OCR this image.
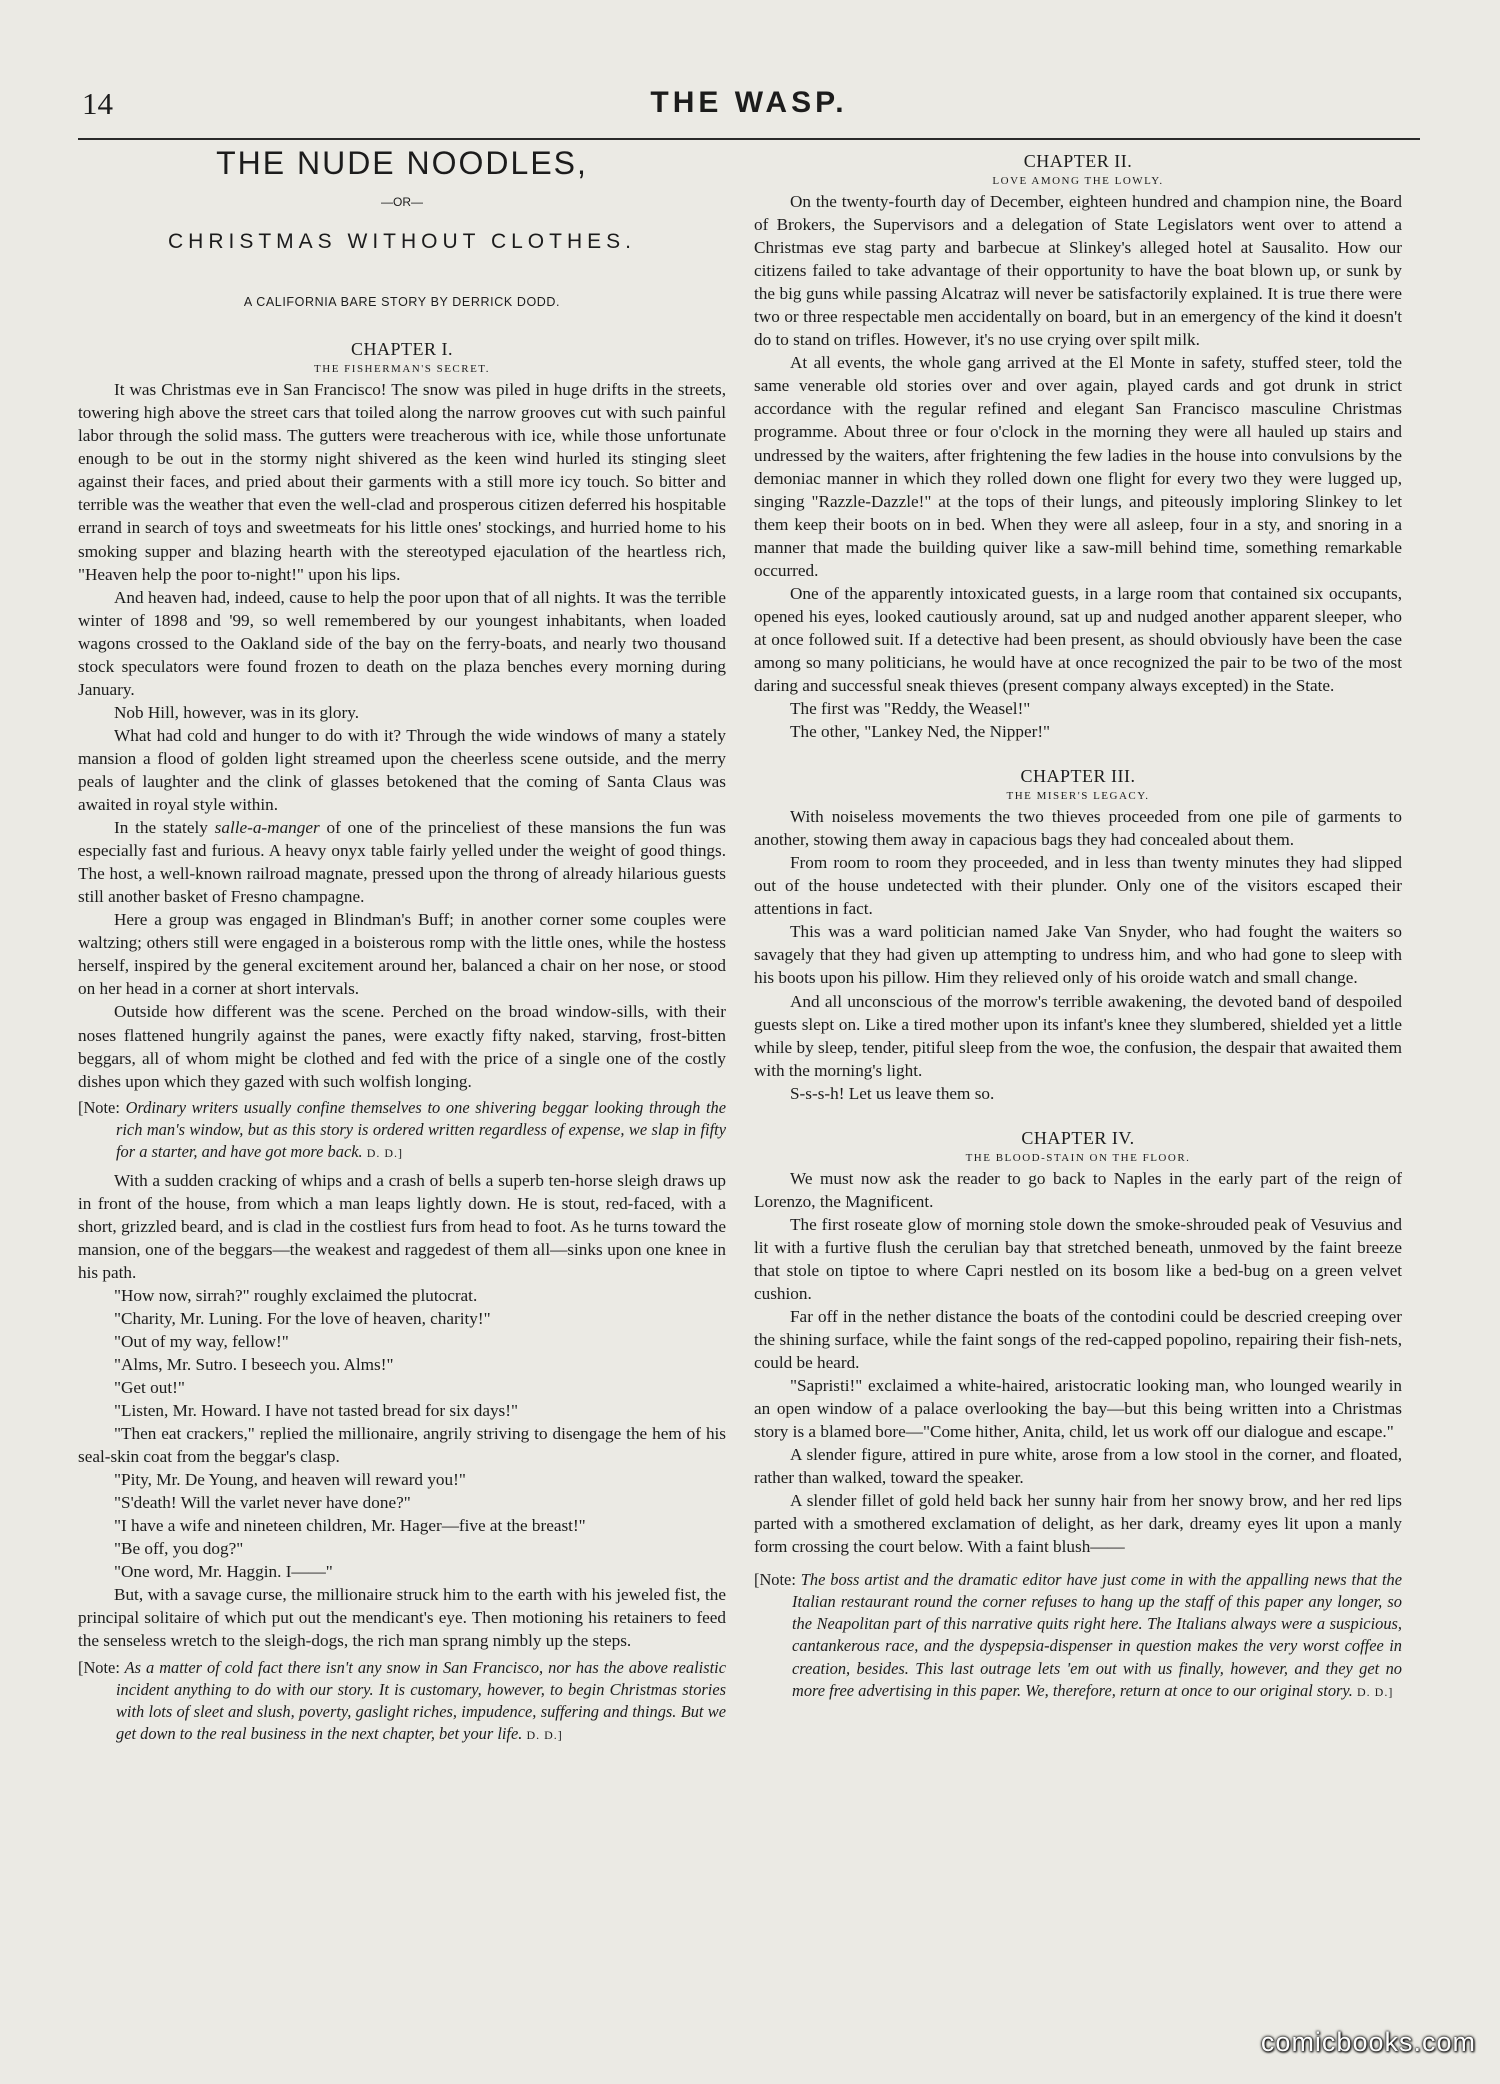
14	THE WASP.
THE NUDE NOODLES,
—OR—
CHRISTMAS WITHOUT CLOTHES.
A CALIFORNIA BARE STORY BY DERRICK DODD.
CHAPTER I.
THE FISHERMAN'S SECRET.

It was Christmas eve in San Francisco! The snow was piled in huge drifts in the streets, towering high above the street cars that toiled along the narrow grooves cut with such painful labor through the solid mass. The gutters were treacherous with ice, while those unfortunate enough to be out in the stormy night shivered as the keen wind hurled its stinging sleet against their faces, and pried about their garments with a still more icy touch. So bitter and terrible was the weather that even the well-clad and prosperous citizen deferred his hospitable errand in search of toys and sweetmeats for his little ones' stockings, and hurried home to his smoking supper and blazing hearth with the stereotyped ejaculation of the heartless rich, "Heaven help the poor to-night!" upon his lips.

And heaven had, indeed, cause to help the poor upon that of all nights. It was the terrible winter of 1898 and '99, so well remembered by our youngest inhabitants, when loaded wagons crossed to the Oakland side of the bay on the ferry-boats, and nearly two thousand stock speculators were found frozen to death on the plaza benches every morning during January.

Nob Hill, however, was in its glory.

What had cold and hunger to do with it? Through the wide windows of many a stately mansion a flood of golden light streamed upon the cheerless scene outside, and the merry peals of laughter and the clink of glasses betokened that the coming of Santa Claus was awaited in royal style within.

In the stately salle-a-manger of one of the princeliest of these mansions the fun was especially fast and furious. A heavy onyx table fairly yelled under the weight of good things. The host, a well-known railroad magnate, pressed upon the throng of already hilarious guests still another basket of Fresno champagne.

Here a group was engaged in Blindman's Buff; in another corner some couples were waltzing; others still were engaged in a boisterous romp with the little ones, while the hostess herself, inspired by the general excitement around her, balanced a chair on her nose, or stood on her head in a corner at short intervals.

Outside how different was the scene. Perched on the broad window-sills, with their noses flattened hungrily against the panes, were exactly fifty naked, starving, frost-bitten beggars, all of whom might be clothed and fed with the price of a single one of the costly dishes upon which they gazed with such wolfish longing.

[Note: Ordinary writers usually confine themselves to one shivering beggar looking through the rich man's window, but as this story is ordered written regardless of expense, we slap in fifty for a starter, and have got more back. D. D.]

With a sudden cracking of whips and a crash of bells a superb ten-horse sleigh draws up in front of the house, from which a man leaps lightly down. He is stout, red-faced, with a short, grizzled beard, and is clad in the costliest furs from head to foot. As he turns toward the mansion, one of the beggars—the weakest and raggedest of them all—sinks upon one knee in his path.

"How now, sirrah?" roughly exclaimed the plutocrat.

"Charity, Mr. Luning. For the love of heaven, charity!"

"Out of my way, fellow!"

"Alms, Mr. Sutro. I beseech you. Alms!"

"Get out!"

"Listen, Mr. Howard. I have not tasted bread for six days!"

"Then eat crackers," replied the millionaire, angrily striving to disengage the hem of his seal-skin coat from the beggar's clasp.

"Pity, Mr. De Young, and heaven will reward you!"

"S'death! Will the varlet never have done?"

"I have a wife and nineteen children, Mr. Hager—five at the breast!"

"Be off, you dog?"

"One word, Mr. Haggin. I——"

But, with a savage curse, the millionaire struck him to the earth with his jeweled fist, the principal solitaire of which put out the mendicant's eye. Then motioning his retainers to feed the senseless wretch to the sleigh-dogs, the rich man sprang nimbly up the steps.

[Note: As a matter of cold fact there isn't any snow in San Francisco, nor has the above realistic incident anything to do with our story. It is customary, however, to begin Christmas stories with lots of sleet and slush, poverty, gaslight riches, impudence, suffering and things. But we get down to the real business in the next chapter, bet your life. D. D.]
CHAPTER II.
LOVE AMONG THE LOWLY.

On the twenty-fourth day of December, eighteen hundred and champion nine, the Board of Brokers, the Supervisors and a delegation of State Legislators went over to attend a Christmas eve stag party and barbecue at Slinkey's alleged hotel at Sausalito. How our citizens failed to take advantage of their opportunity to have the boat blown up, or sunk by the big guns while passing Alcatraz will never be satisfactorily explained. It is true there were two or three respectable men accidentally on board, but in an emergency of the kind it doesn't do to stand on trifles. However, it's no use crying over spilt milk.

At all events, the whole gang arrived at the El Monte in safety, stuffed steer, told the same venerable old stories over and over again, played cards and got drunk in strict accordance with the regular refined and elegant San Francisco masculine Christmas programme. About three or four o'clock in the morning they were all hauled up stairs and undressed by the waiters, after frightening the few ladies in the house into convulsions by the demoniac manner in which they rolled down one flight for every two they were lugged up, singing "Razzle-Dazzle!" at the tops of their lungs, and piteously imploring Slinkey to let them keep their boots on in bed. When they were all asleep, four in a sty, and snoring in a manner that made the building quiver like a saw-mill behind time, something remarkable occurred.

One of the apparently intoxicated guests, in a large room that contained six occupants, opened his eyes, looked cautiously around, sat up and nudged another apparent sleeper, who at once followed suit. If a detective had been present, as should obviously have been the case among so many politicians, he would have at once recognized the pair to be two of the most daring and successful sneak thieves (present company always excepted) in the State.

The first was "Reddy, the Weasel!"

The other, "Lankey Ned, the Nipper!"

CHAPTER III.
THE MISER'S LEGACY.

With noiseless movements the two thieves proceeded from one pile of garments to another, stowing them away in capacious bags they had concealed about them.

From room to room they proceeded, and in less than twenty minutes they had slipped out of the house undetected with their plunder. Only one of the visitors escaped their attentions in fact.

This was a ward politician named Jake Van Snyder, who had fought the waiters so savagely that they had given up attempting to undress him, and who had gone to sleep with his boots upon his pillow. Him they relieved only of his oroide watch and small change.

And all unconscious of the morrow's terrible awakening, the devoted band of despoiled guests slept on. Like a tired mother upon its infant's knee they slumbered, shielded yet a little while by sleep, tender, pitiful sleep from the woe, the confusion, the despair that awaited them with the morning's light.

S-s-s-h! Let us leave them so.

CHAPTER IV.
THE BLOOD-STAIN ON THE FLOOR.

We must now ask the reader to go back to Naples in the early part of the reign of Lorenzo, the Magnificent.

The first roseate glow of morning stole down the smoke-shrouded peak of Vesuvius and lit with a furtive flush the cerulian bay that stretched beneath, unmoved by the faint breeze that stole on tiptoe to where Capri nestled on its bosom like a bed-bug on a green velvet cushion.

Far off in the nether distance the boats of the contodini could be descried creeping over the shining surface, while the faint songs of the red-capped popolino, repairing their fish-nets, could be heard.

"Sapristi!" exclaimed a white-haired, aristocratic looking man, who lounged wearily in an open window of a palace overlooking the bay—but this being written into a Christmas story is a blamed bore—"Come hither, Anita, child, let us work off our dialogue and escape."

A slender figure, attired in pure white, arose from a low stool in the corner, and floated, rather than walked, toward the speaker.

A slender fillet of gold held back her sunny hair from her snowy brow, and her red lips parted with a smothered exclamation of delight, as her dark, dreamy eyes lit upon a manly form crossing the court below. With a faint blush——

[Note: The boss artist and the dramatic editor have just come in with the appalling news that the Italian restaurant round the corner refuses to hang up the staff of this paper any longer, so the Neapolitan part of this narrative quits right here. The Italians always were a suspicious, cantankerous race, and the dyspepsia-dispenser in question makes the very worst coffee in creation, besides. This last outrage lets 'em out with us finally, however, and they get no more free advertising in this paper. We, therefore, return at once to our original story. D. D.]
comicbooks.com
